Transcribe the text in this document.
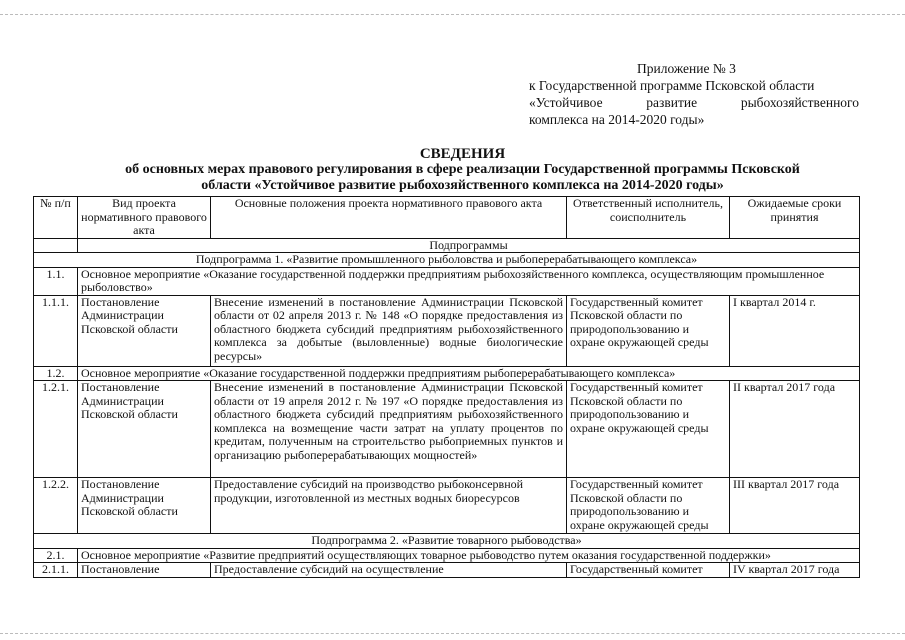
Приложение № 3
к Государственной программе Псковской области
«Устойчивое	развитие	рыбохозяйственного
комплекса на 2014-2020 годы»
СВЕДЕНИЯ
об основных мерах правового регулирования в сфере реализации Государственной программы Псковской
области «Устойчивое развитие рыбохозяйственного комплекса на 2014-2020 годы»
№ п/п	Вид проекта нормативного правового акта	Основные положения проекта нормативного правового акта	Ответственный исполнитель, соисполнитель	Ожидаемые сроки принятия
	Подпрограммы			
Подпрограмма 1. «Развитие промышленного рыболовства и рыбоперерабатывающего комплекса»				
1.1.	Основное мероприятие «Оказание государственной поддержки предприятиям рыбохозяйственного комплекса, осуществляющим промышленное рыболовство»			
1.1.1.	Постановление Администрации Псковской области	Внесение изменений в постановление Администрации Псковской области от 02 апреля 2013 г. № 148 «О порядке предоставления из областного бюджета субсидий предприятиям рыбохозяйственного комплекса за добытые (выловленные) водные биологические ресурсы»	Государственный комитет Псковской области по природопользованию и охране окружающей среды	I квартал 2014 г.
1.2.	Основное мероприятие «Оказание государственной поддержки предприятиям рыбоперерабатывающего комплекса»			
1.2.1.	Постановление Администрации Псковской области	Внесение изменений в постановление Администрации Псковской области от 19 апреля 2012 г. № 197 «О порядке предоставления из областного бюджета субсидий предприятиям рыбохозяйственного комплекса на возмещение части затрат на уплату процентов по кредитам, полученным на строительство рыбоприемных пунктов и организацию рыбоперерабатывающих мощностей»	Государственный комитет Псковской области по природопользованию и охране окружающей среды	II квартал 2017 года
1.2.2.	Постановление Администрации Псковской области	Предоставление субсидий на производство рыбоконсервной продукции, изготовленной из местных водных биоресурсов	Государственный комитет Псковской области по природопользованию и охране окружающей среды	III квартал 2017 года
Подпрограмма 2. «Развитие товарного рыбоводства»				
2.1.	Основное мероприятие «Развитие предприятий осуществляющих товарное рыбоводство путем оказания государственной поддержки»			
2.1.1.	Постановление	Предоставление субсидий на осуществление	Государственный комитет	IV квартал 2017 года
